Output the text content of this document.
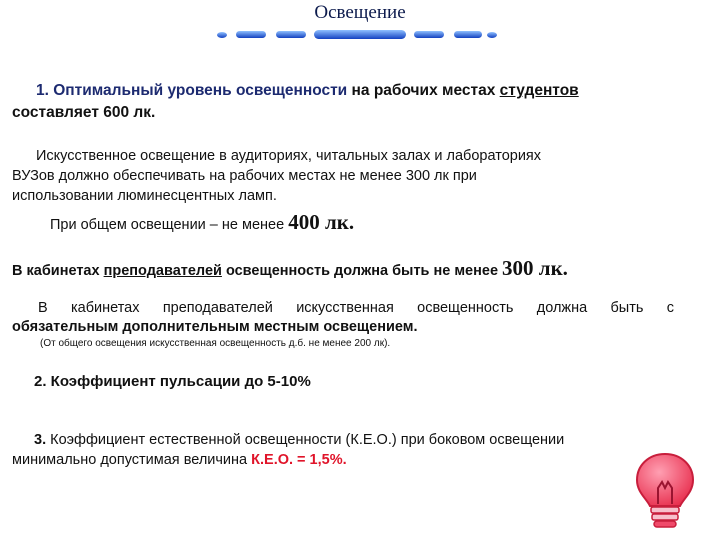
Освещение

1. Оптимальный уровень освещенности на рабочих местах студентов

составляет 600 лк.

Искусственное освещение в аудиториях, читальных залах и лабораториях

ВУЗов должно обеспечивать на рабочих местах не менее 300 лк при

использовании люминесцентных ламп.

При общем освещении – не менее 400 лк.

В кабинетах преподавателей освещенность должна быть не менее 300 лк.

В кабинетах преподавателей искусственная освещенность должна быть с

обязательным дополнительным местным освещением.

(От общего освещения искусственная освещенность д.б. не менее 200 лк).

2. Коэффициент пульсации до 5-10%

3. Коэффициент естественной освещенности (К.Е.О.) при боковом освещении

минимально допустимая величина К.Е.О. = 1,5%.
